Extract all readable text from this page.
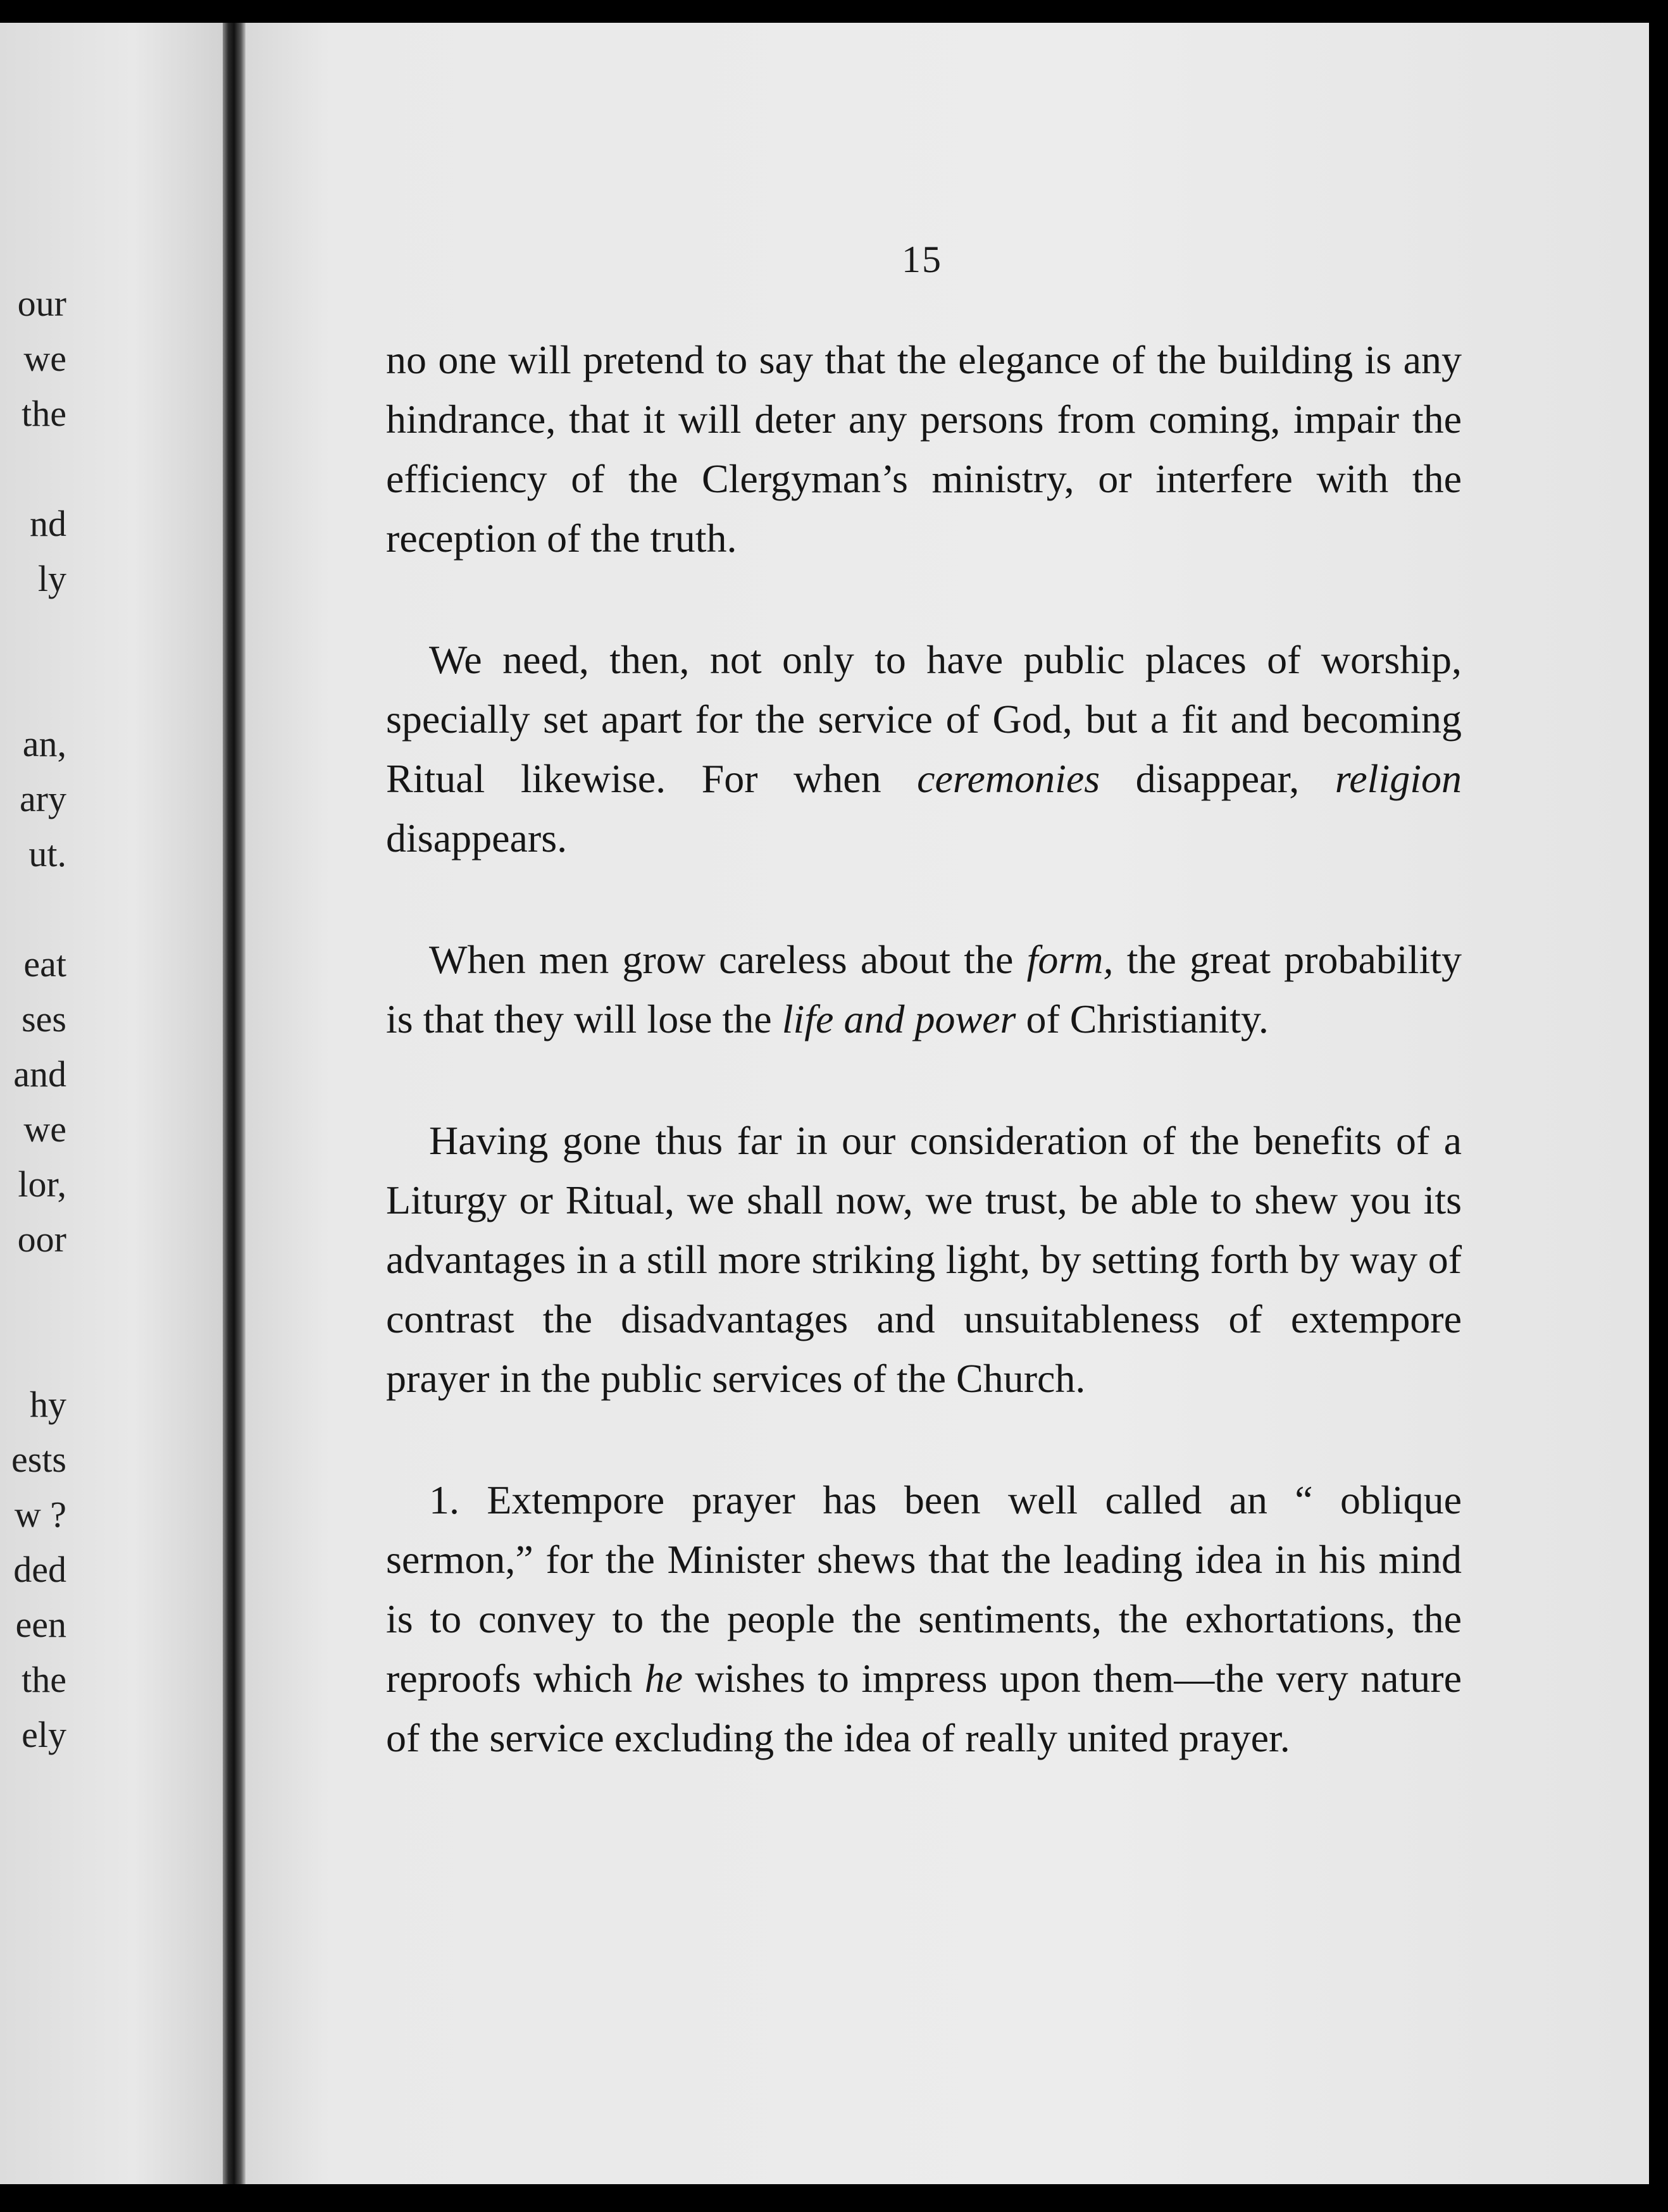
our
we
the
nd
ly
an,
ary
ut.
eat
ses
and
we
lor,
oor
hy
ests
w ?
ded
een
the
ely
15

no one will pretend to say that the elegance of the building is any hindrance, that it will deter any persons from coming, impair the efficiency of the Clergyman’s ministry, or interfere with the reception of the truth.

We need, then, not only to have public places of worship, specially set apart for the service of God, but a fit and becoming Ritual likewise. For when ceremonies disappear, religion disappears.

When men grow careless about the form, the great probability is that they will lose the life and power of Christianity.

Having gone thus far in our consideration of the benefits of a Liturgy or Ritual, we shall now, we trust, be able to shew you its advantages in a still more striking light, by setting forth by way of contrast the disadvantages and unsuitableness of extempore prayer in the public services of the Church.

1. Extempore prayer has been well called an “ oblique sermon,” for the Minister shews that the leading idea in his mind is to convey to the people the sentiments, the exhortations, the reproofs which he wishes to impress upon them—the very nature of the service excluding the idea of really united prayer.
